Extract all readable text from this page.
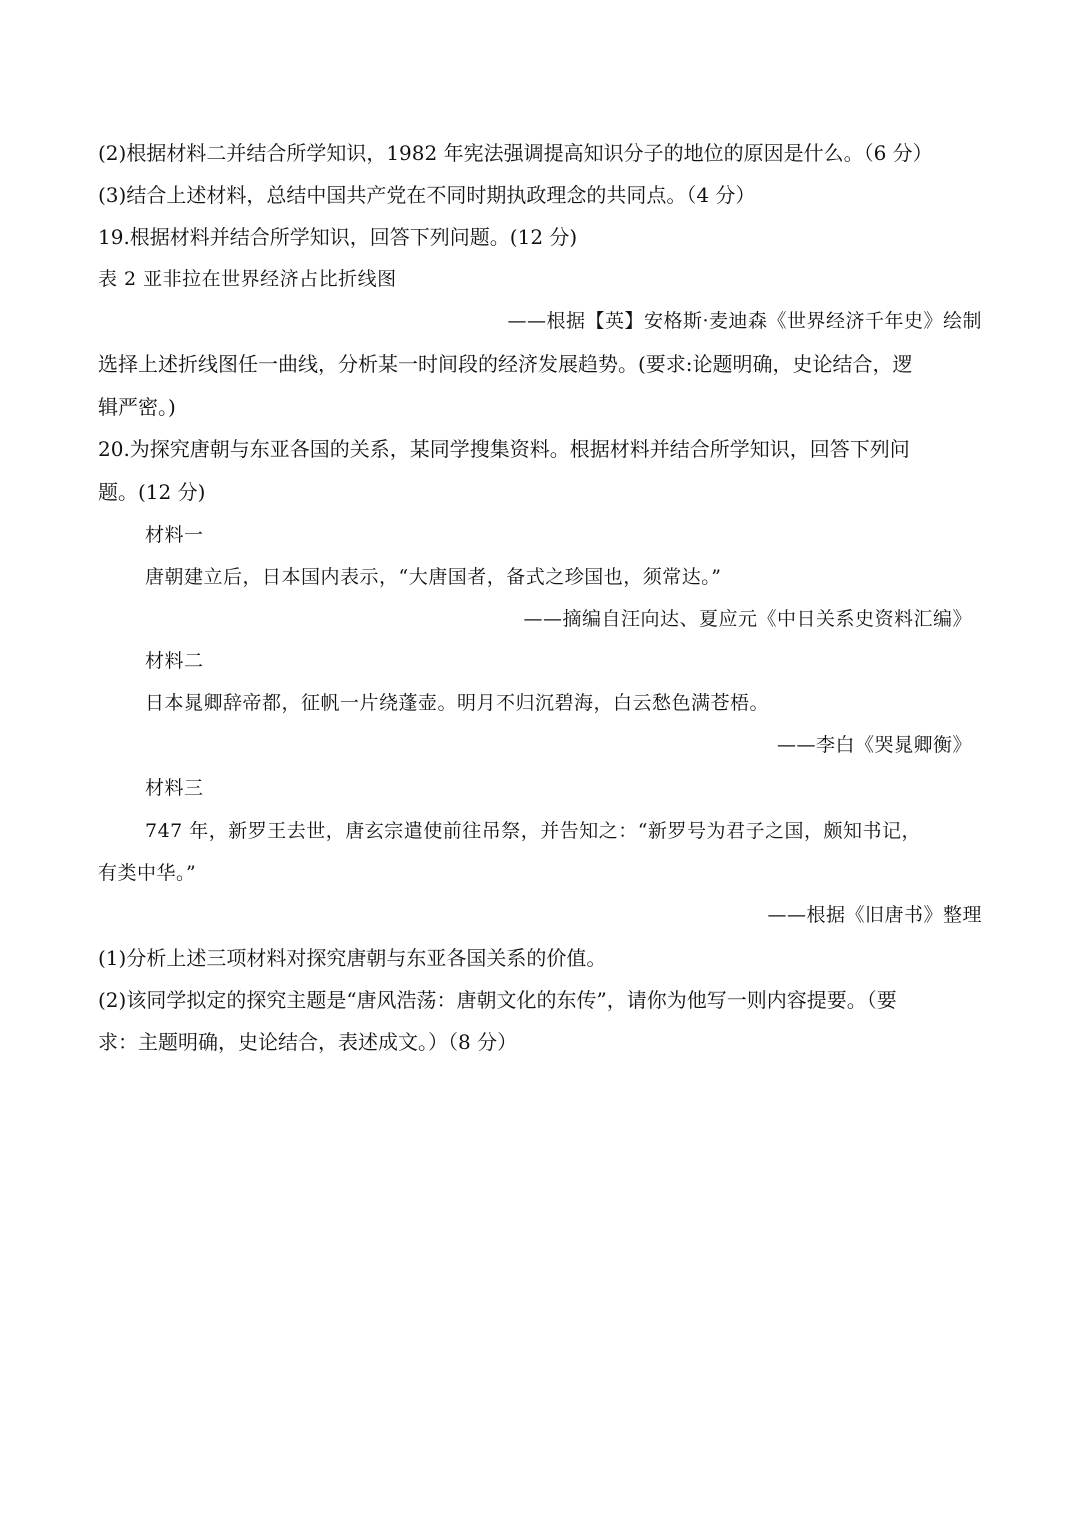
(2)根据材料二并结合所学知识，1982 年宪法强调提高知识分子的地位的原因是什么。（6 分）
(3)结合上述材料，总结中国共产党在不同时期执政理念的共同点。（4 分）
19.根据材料并结合所学知识，回答下列问题。(12 分)
表 2 亚非拉在世界经济占比折线图
——根据【英】安格斯·麦迪森《世界经济千年史》绘制
选择上述折线图任一曲线，分析某一时间段的经济发展趋势。(要求:论题明确，史论结合，逻
辑严密。)
20.为探究唐朝与东亚各国的关系，某同学搜集资料。根据材料并结合所学知识，回答下列问
题。(12 分)
材料一
唐朝建立后，日本国内表示，“大唐国者，备式之珍国也，须常达。”
——摘编自汪向达、夏应元《中日关系史资料汇编》
材料二
日本晁卿辞帝都，征帆一片绕蓬壶。明月不归沉碧海，白云愁色满苍梧。
——李白《哭晁卿衡》
材料三
747 年，新罗王去世，唐玄宗遣使前往吊祭，并告知之：“新罗号为君子之国，颇知书记，
有类中华。”
——根据《旧唐书》整理
(1)分析上述三项材料对探究唐朝与东亚各国关系的价值。
(2)该同学拟定的探究主题是“唐风浩荡：唐朝文化的东传”，请你为他写一则内容提要。（要
求：主题明确，史论结合，表述成文。）（8 分）
